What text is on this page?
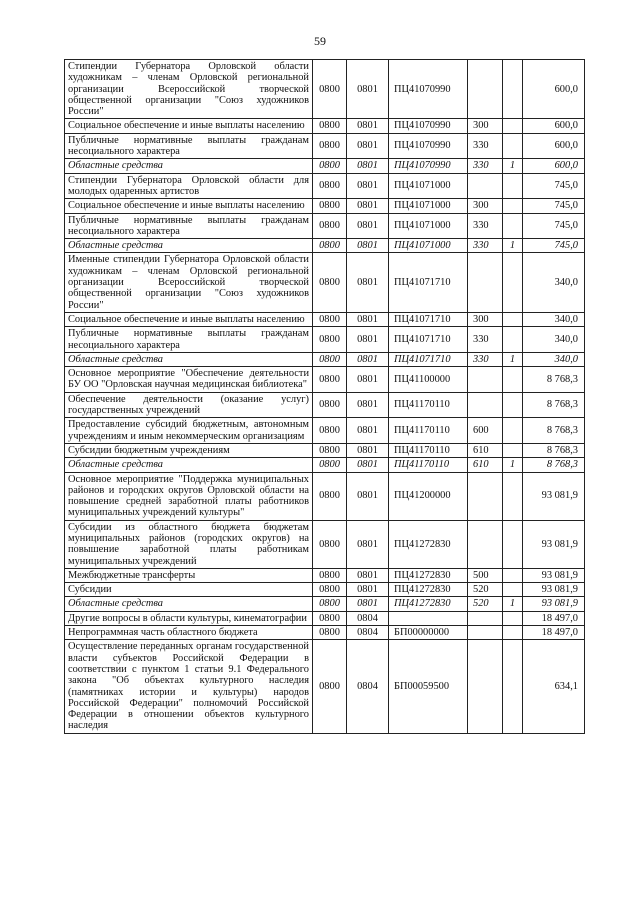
59
Стипендии Губернатора Орловской области художникам – членам Орловской региональной организации Всероссийской творческой общественной организации "Союз художников России"	0800	0801	ПЦ41070990			600,0
Социальное обеспечение и иные выплаты населению	0800	0801	ПЦ41070990	300		600,0
Публичные нормативные выплаты гражданам несоциального характера	0800	0801	ПЦ41070990	330		600,0
Областные средства	0800	0801	ПЦ41070990	330	1	600,0
Стипендии Губернатора Орловской области для молодых одаренных артистов	0800	0801	ПЦ41071000			745,0
Социальное обеспечение и иные выплаты населению	0800	0801	ПЦ41071000	300		745,0
Публичные нормативные выплаты гражданам несоциального характера	0800	0801	ПЦ41071000	330		745,0
Областные средства	0800	0801	ПЦ41071000	330	1	745,0
Именные стипендии Губернатора Орловской области художникам – членам Орловской региональной организации Всероссийской творческой общественной организации "Союз художников России"	0800	0801	ПЦ41071710			340,0
Социальное обеспечение и иные выплаты населению	0800	0801	ПЦ41071710	300		340,0
Публичные нормативные выплаты гражданам несоциального характера	0800	0801	ПЦ41071710	330		340,0
Областные средства	0800	0801	ПЦ41071710	330	1	340,0
Основное мероприятие "Обеспечение деятельности БУ ОО "Орловская научная медицинская библиотека"	0800	0801	ПЦ41100000			8 768,3
Обеспечение деятельности (оказание услуг) государственных учреждений	0800	0801	ПЦ41170110			8 768,3
Предоставление субсидий бюджетным, автономным учреждениям и иным некоммерческим организациям	0800	0801	ПЦ41170110	600		8 768,3
Субсидии бюджетным учреждениям	0800	0801	ПЦ41170110	610		8 768,3
Областные средства	0800	0801	ПЦ41170110	610	1	8 768,3
Основное мероприятие "Поддержка муниципальных районов и городских округов Орловской области на повышение средней заработной платы работников муниципальных учреждений культуры"	0800	0801	ПЦ41200000			93 081,9
Субсидии из областного бюджета бюджетам муниципальных районов (городских округов) на повышение заработной платы работникам муниципальных учреждений	0800	0801	ПЦ41272830			93 081,9
Межбюджетные трансферты	0800	0801	ПЦ41272830	500		93 081,9
Субсидии	0800	0801	ПЦ41272830	520		93 081,9
Областные средства	0800	0801	ПЦ41272830	520	1	93 081,9
Другие вопросы в области культуры, кинематографии	0800	0804				18 497,0
Непрограммная часть областного бюджета	0800	0804	БП00000000			18 497,0
Осуществление переданных органам государственной власти субъектов Российской Федерации в соответствии с пунктом 1 статьи 9.1 Федерального закона "Об объектах культурного наследия (памятниках истории и культуры) народов Российской Федерации" полномочий Российской Федерации в отношении объектов культурного наследия	0800	0804	БП00059500			634,1
